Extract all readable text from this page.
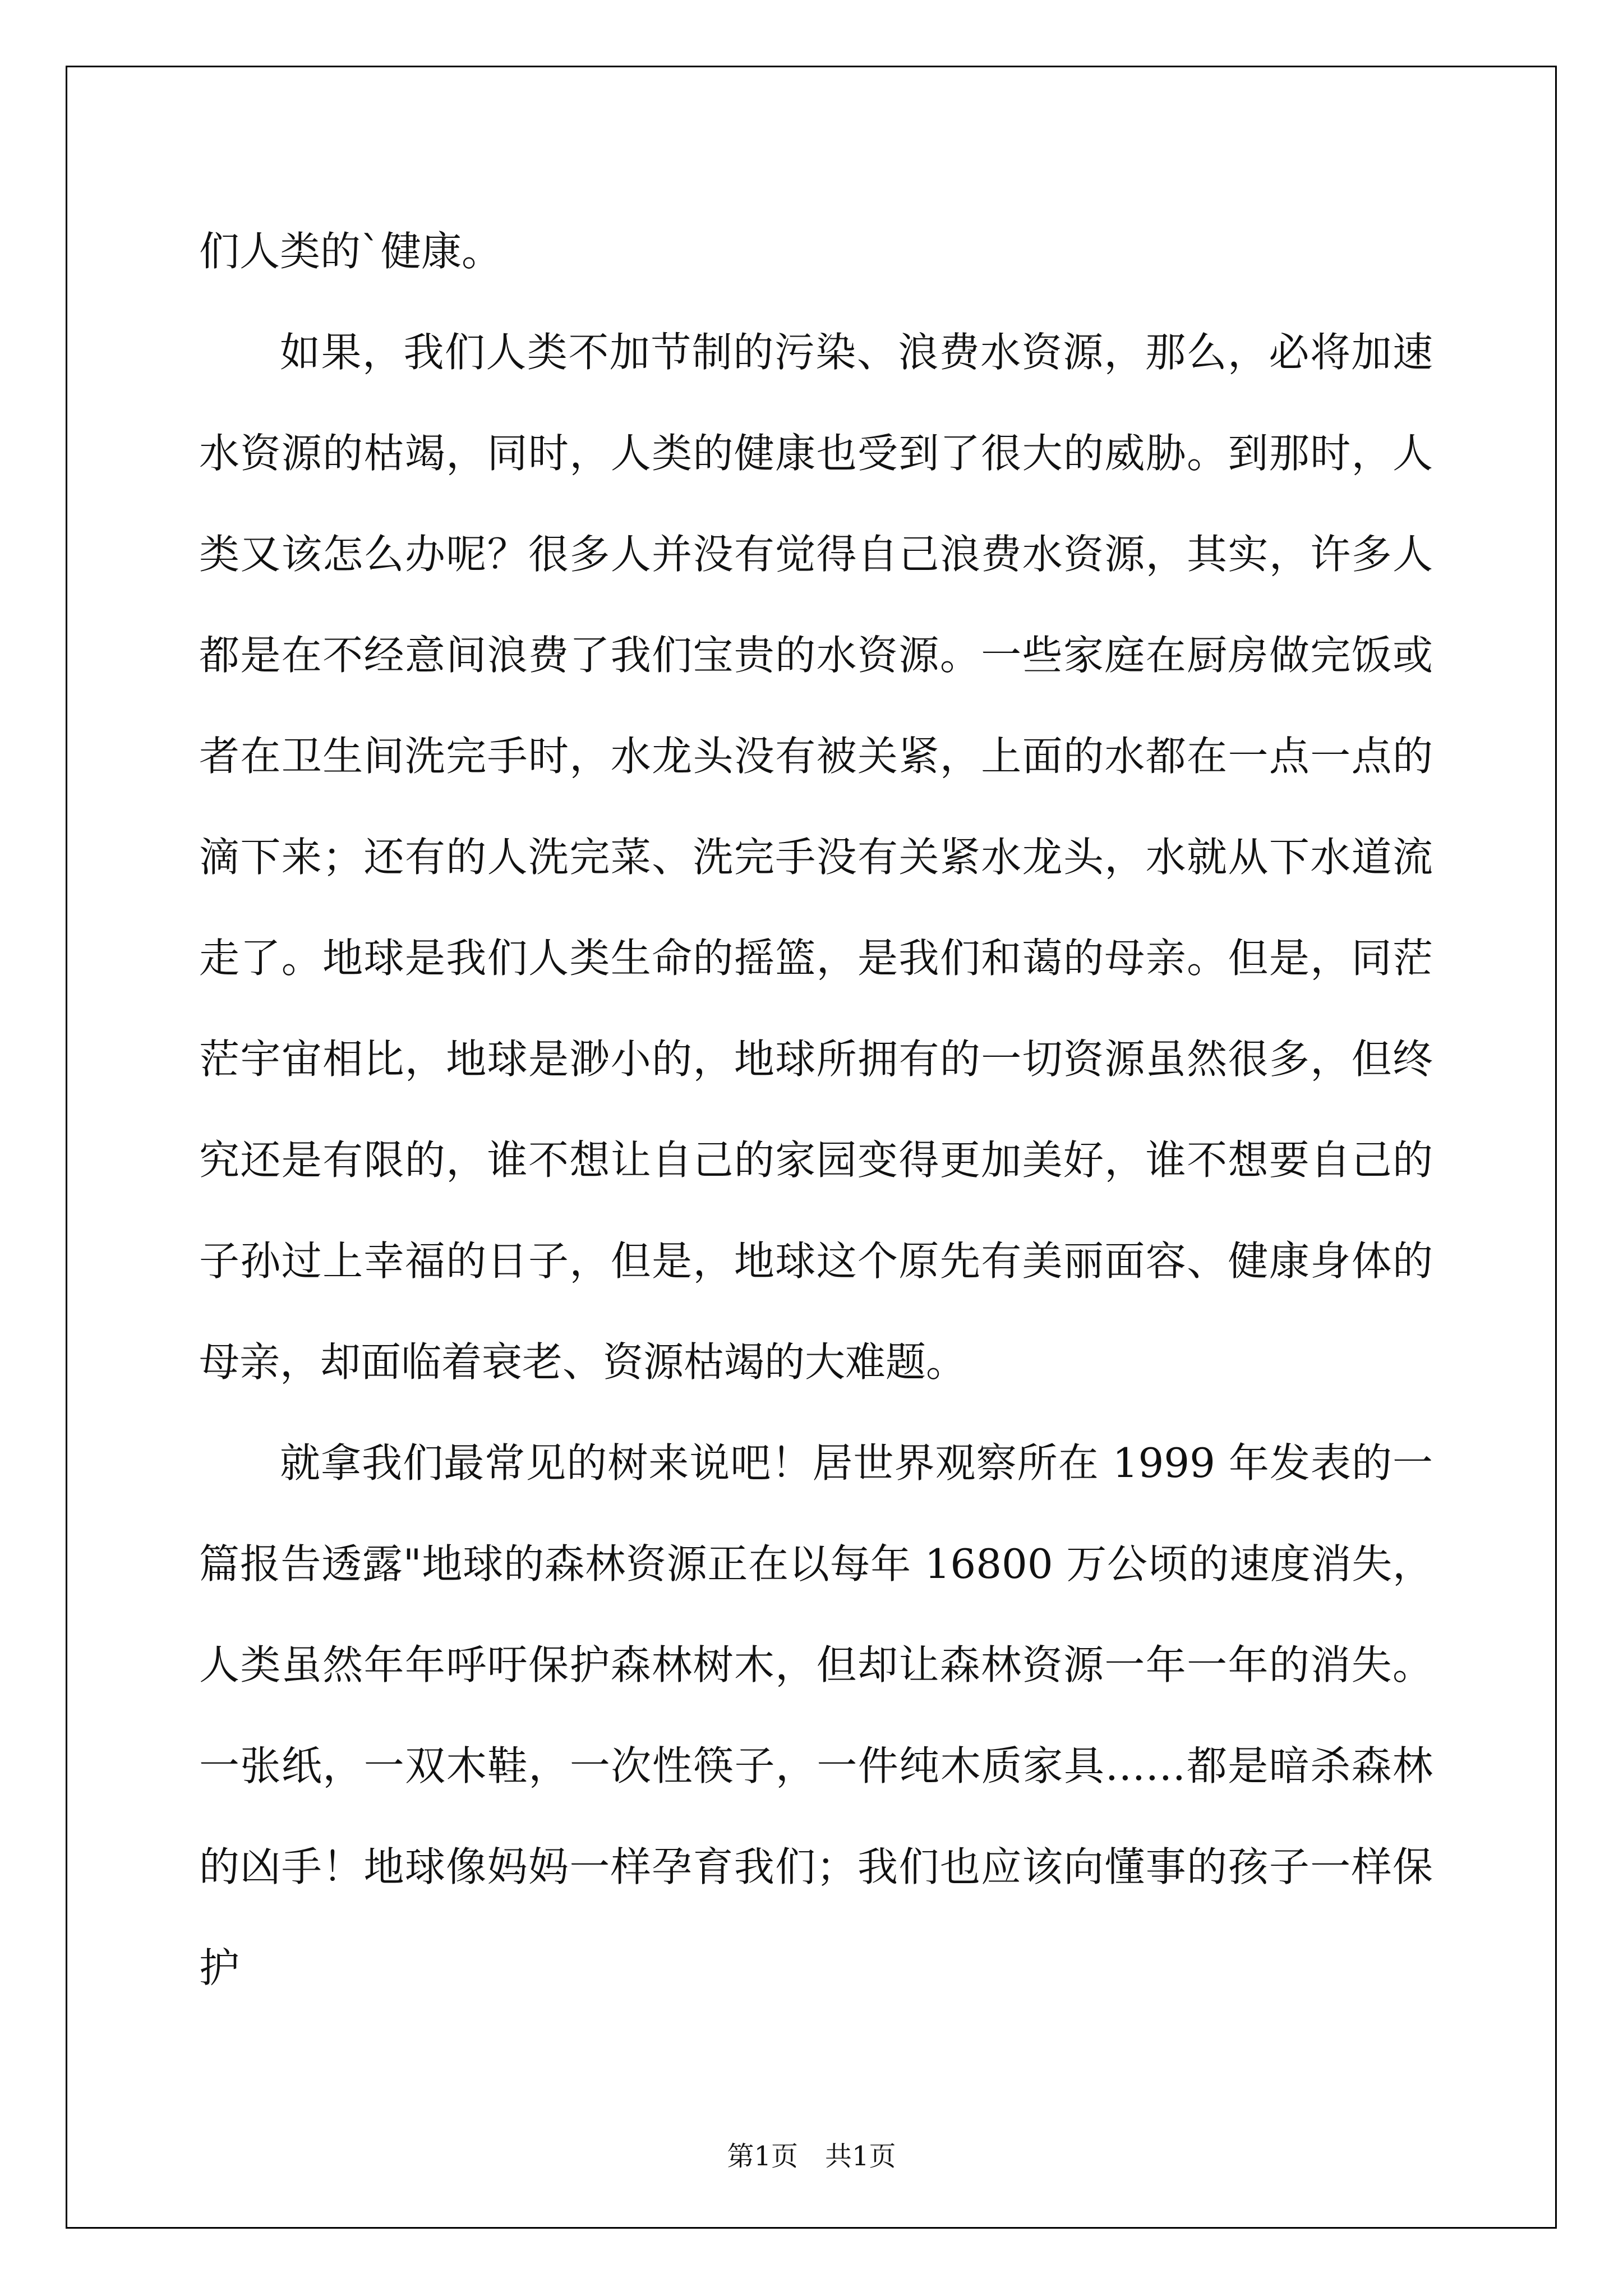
们人类的`健康。

如果，我们人类不加节制的污染、浪费水资源，那么，必将加速水资源的枯竭，同时，人类的健康也受到了很大的威胁。到那时，人类又该怎么办呢？很多人并没有觉得自己浪费水资源，其实，许多人都是在不经意间浪费了我们宝贵的水资源。一些家庭在厨房做完饭或者在卫生间洗完手时，水龙头没有被关紧，上面的水都在一点一点的滴下来；还有的人洗完菜、洗完手没有关紧水龙头，水就从下水道流走了。地球是我们人类生命的摇篮，是我们和蔼的母亲。但是，同茫茫宇宙相比，地球是渺小的，地球所拥有的一切资源虽然很多，但终究还是有限的，谁不想让自己的家园变得更加美好，谁不想要自己的子孙过上幸福的日子，但是，地球这个原先有美丽面容、健康身体的母亲，却面临着衰老、资源枯竭的大难题。

就拿我们最常见的树来说吧！居世界观察所在 1999 年发表的一篇报告透露"地球的森林资源正在以每年 16800 万公顷的速度消失，人类虽然年年呼吁保护森林树木，但却让森林资源一年一年的消失。一张纸，一双木鞋，一次性筷子，一件纯木质家具……都是暗杀森林的凶手！地球像妈妈一样孕育我们；我们也应该向懂事的孩子一样保护

第1页　共1页
